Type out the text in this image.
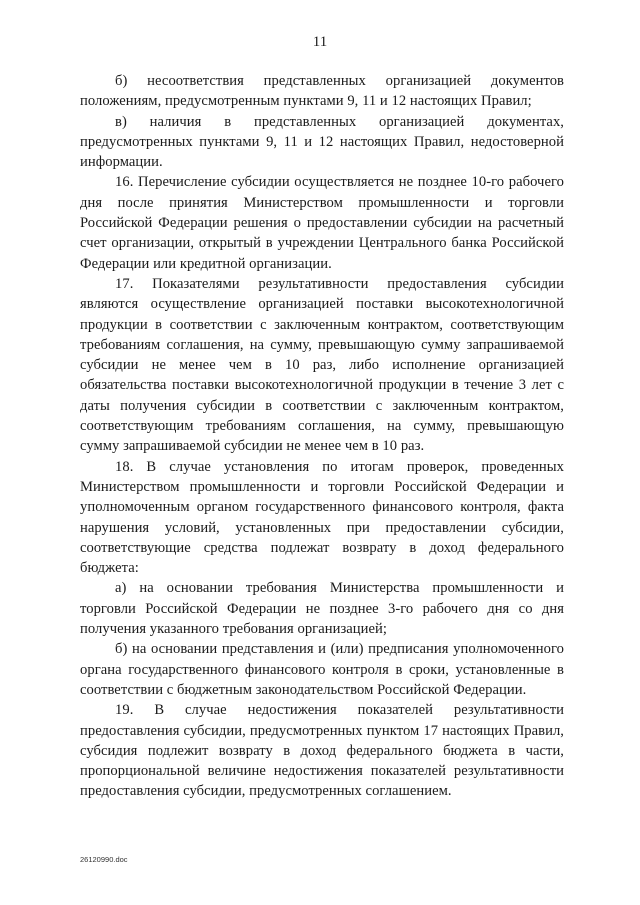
11

б) несоответствия представленных организацией документов положениям, предусмотренным пунктами 9, 11 и 12 настоящих Правил;

в) наличия в представленных организацией документах, предусмотренных пунктами 9, 11 и 12 настоящих Правил, недостоверной информации.

16. Перечисление субсидии осуществляется не позднее 10-го рабочего дня после принятия Министерством промышленности и торговли Российской Федерации решения о предоставлении субсидии на расчетный счет организации, открытый в учреждении Центрального банка Российской Федерации или кредитной организации.

17. Показателями результативности предоставления субсидии являются осуществление организацией поставки высокотехнологичной продукции в соответствии с заключенным контрактом, соответствующим требованиям соглашения, на сумму, превышающую сумму запрашиваемой субсидии не менее чем в 10 раз, либо исполнение организацией обязательства поставки высокотехнологичной продукции в течение 3 лет с даты получения субсидии в соответствии с заключенным контрактом, соответствующим требованиям соглашения, на сумму, превышающую сумму запрашиваемой субсидии не менее чем в 10 раз.

18. В случае установления по итогам проверок, проведенных Министерством промышленности и торговли Российской Федерации и уполномоченным органом государственного финансового контроля, факта нарушения условий, установленных при предоставлении субсидии, соответствующие средства подлежат возврату в доход федерального бюджета:

а) на основании требования Министерства промышленности и торговли Российской Федерации не позднее 3-го рабочего дня со дня получения указанного требования организацией;

б) на основании представления и (или) предписания уполномоченного органа государственного финансового контроля в сроки, установленные в соответствии с бюджетным законодательством Российской Федерации.

19. В случае недостижения показателей результативности предоставления субсидии, предусмотренных пунктом 17 настоящих Правил, субсидия подлежит возврату в доход федерального бюджета в части, пропорциональной величине недостижения показателей результативности предоставления субсидии, предусмотренных соглашением.

26120990.doc
